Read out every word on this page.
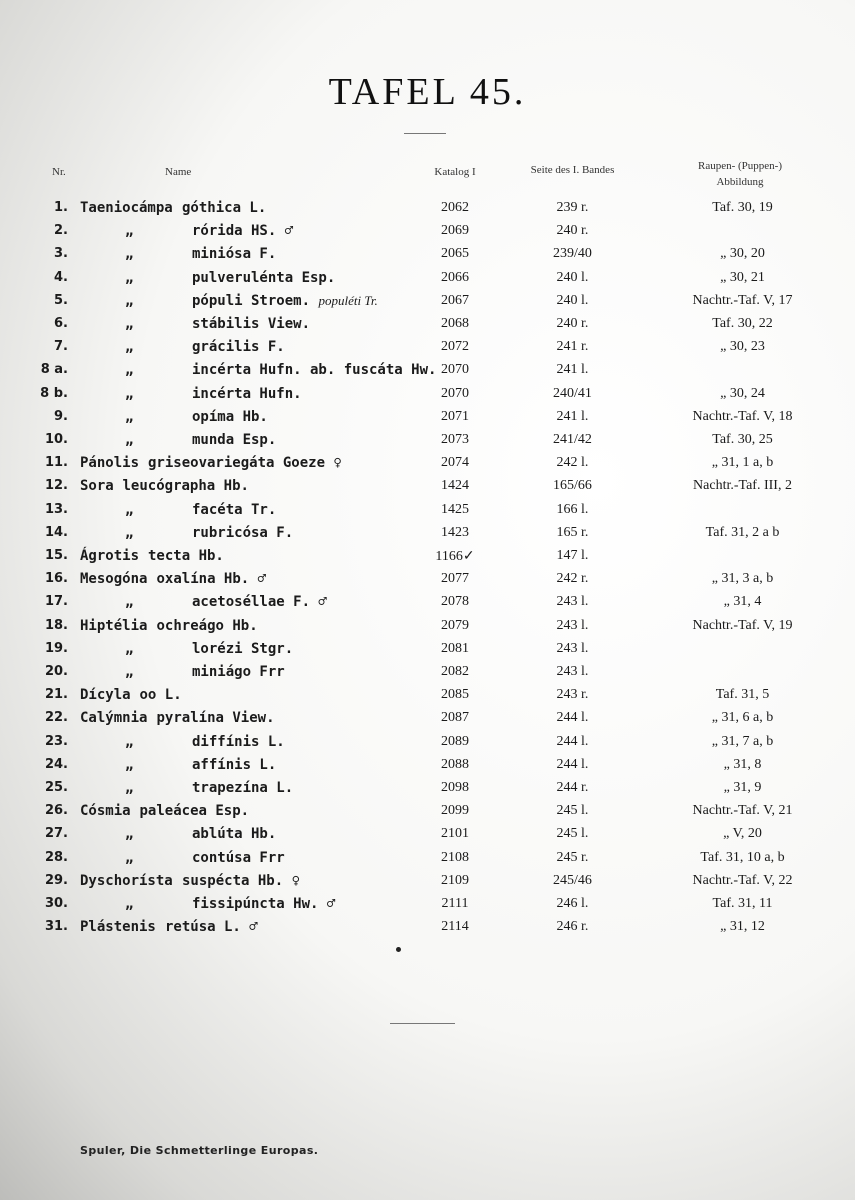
TAFEL 45.
Nr.	Name	Katalog I	Seite des I. Bandes	Raupen- (Puppen-)
Abbildung
1. Taeniocámpa góthica L.	2062	239 r.	Taf. 30, 19
2.	„	rórida HS. ♂	2069	240 r.
3.	„	miniósa F.	2065	239/40	„ 30, 20
4.	„	pulverulénta Esp.	2066	240 l.	„ 30, 21
5.	„	pópuli Stroem. populéti Tr.	2067	240 l.	Nachtr.-Taf. V, 17
6.	„	stábilis View.	2068	240 r.	Taf. 30, 22
7.	„	grácilis F.	2072	241 r.	„ 30, 23
8 a.	„	incérta Hufn. ab. fuscáta Hw. 2070	241 l.
8 b.	„	incérta Hufn.	2070	240/41	„ 30, 24
9.	„	opíma Hb.	2071	241 l.	Nachtr.-Taf. V, 18
10.	„	munda Esp.	2073	241/42	Taf. 30, 25
11. Pánolis griseovariegáta Goeze ♀	2074	242 l.	„ 31, 1 a, b
12. Sora leucógrapha Hb.	1424	165/66	Nachtr.-Taf. III, 2
13.	„	facéta Tr.	1425	166 l.
14.	„	rubricósa F.	1423	165 r.	Taf. 31, 2 a b
15. Ágrotis tecta Hb.	1166✓	147 l.
16. Mesogóna oxalína Hb. ♂	2077	242 r.	„ 31, 3 a, b
17.	„	acetoséllae F. ♂	2078	243 l.	„ 31, 4
18. Hiptélia ochreágo Hb.	2079	243 l.	Nachtr.-Taf. V, 19
19.	„	lorézi Stgr.	2081	243 l.
20.	„	miniágo Frr	2082	243 l.
21. Dícyla oo L.	2085	243 r.	Taf. 31, 5
22. Calýmnia pyralína View.	2087	244 l.	„ 31, 6 a, b
23.	„	diffínis L.	2089	244 l.	„ 31, 7 a, b
24.	„	affínis L.	2088	244 l.	„ 31, 8
25.	„	trapezína L.	2098	244 r.	„ 31, 9
26. Cósmia paleácea Esp.	2099	245 l.	Nachtr.-Taf. V, 21
27.	„	ablúta Hb.	2101	245 l.	„ V, 20
28.	„	contúsa Frr	2108	245 r.	Taf. 31, 10 a, b
29. Dyschorísta suspécta Hb. ♀	2109	245/46	Nachtr.-Taf. V, 22
30.	„	fissipúncta Hw. ♂	2111	246 l.	Taf. 31, 11
31. Plástenis retúsa L. ♂	2114	246 r.	„ 31, 12
Spuler, Die Schmetterlinge Europas.
